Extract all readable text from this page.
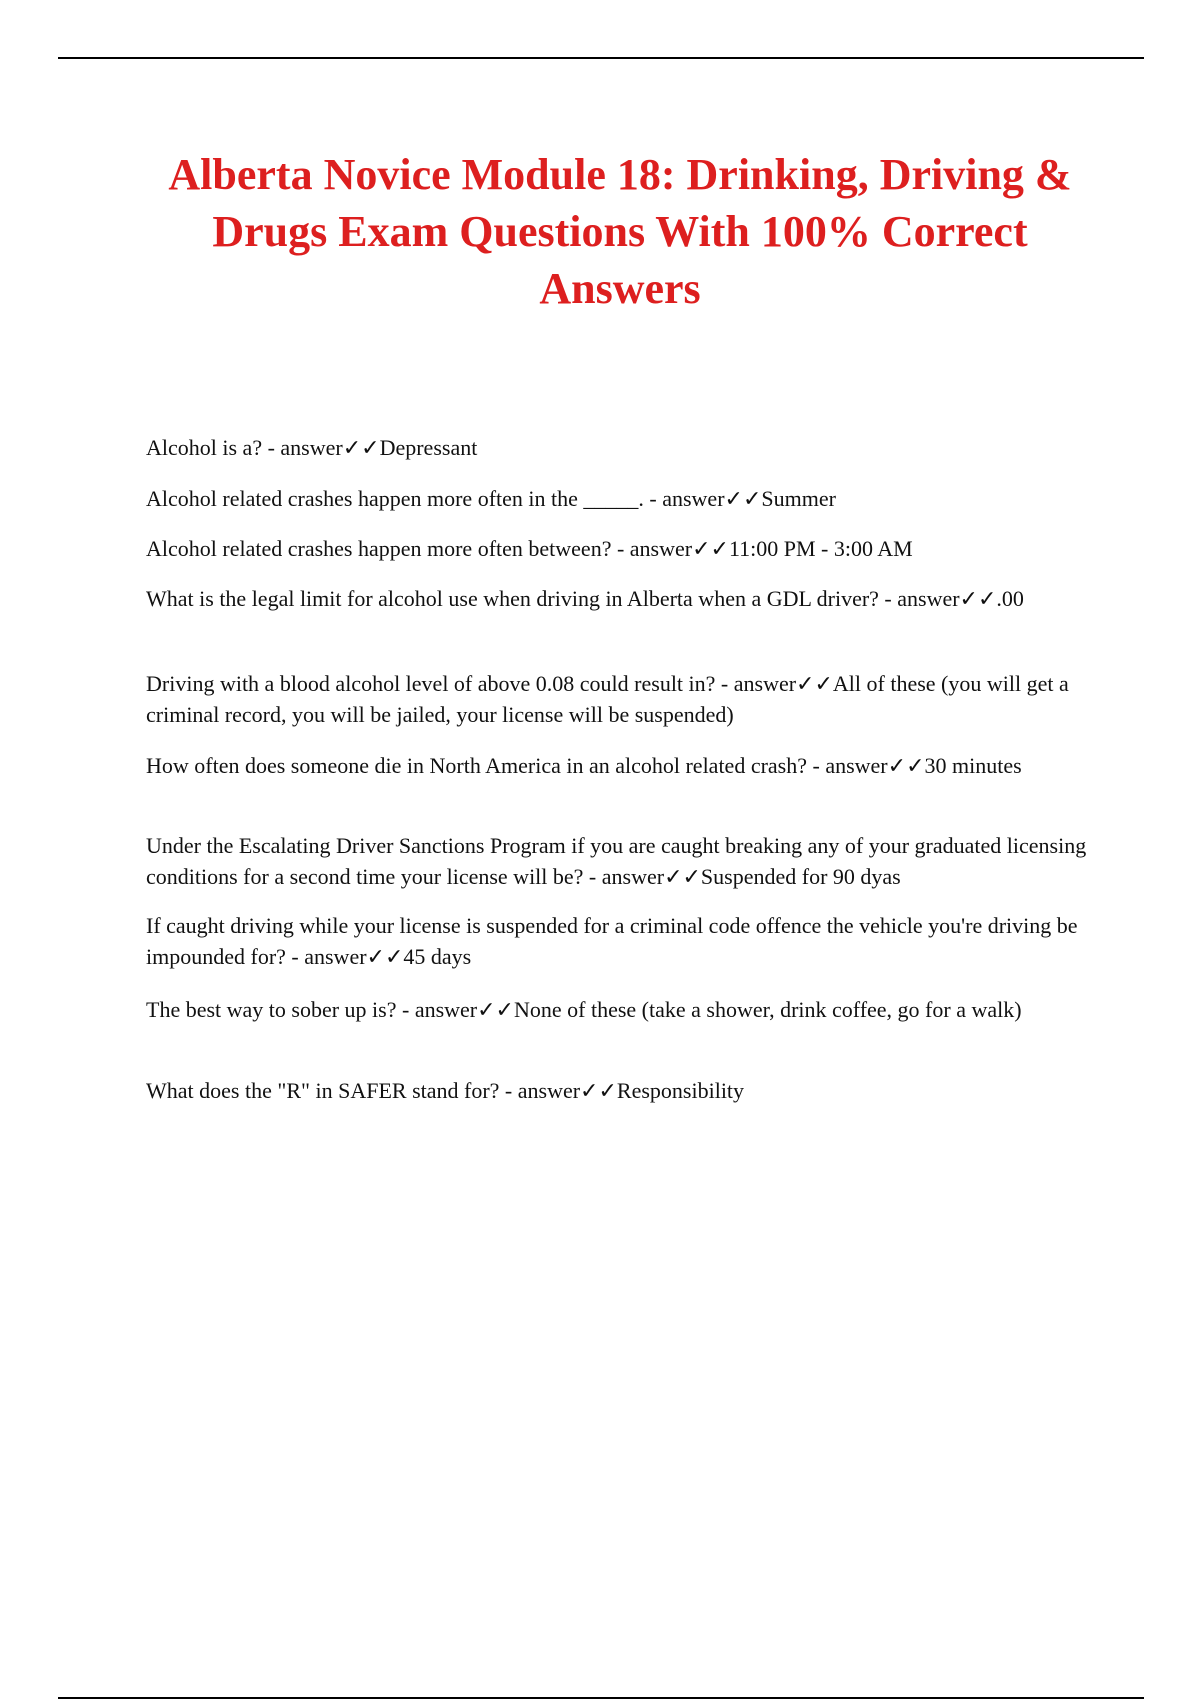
Alberta Novice Module 18: Drinking, Driving & Drugs Exam Questions With 100% Correct Answers
Alcohol is a? - answer✓✓Depressant
Alcohol related crashes happen more often in the _____. - answer✓✓Summer
Alcohol related crashes happen more often between? - answer✓✓11:00 PM - 3:00 AM
What is the legal limit for alcohol use when driving in Alberta when a GDL driver? - answer✓✓.00
Driving with a blood alcohol level of above 0.08 could result in? - answer✓✓All of these (you will get a criminal record, you will be jailed, your license will be suspended)
How often does someone die in North America in an alcohol related crash? - answer✓✓30 minutes
Under the Escalating Driver Sanctions Program if you are caught breaking any of your graduated licensing conditions for a second time your license will be? - answer✓✓Suspended for 90 dyas
If caught driving while your license is suspended for a criminal code offence the vehicle you're driving be impounded for? - answer✓✓45 days
The best way to sober up is? - answer✓✓None of these (take a shower, drink coffee, go for a walk)
What does the "R" in SAFER stand for? - answer✓✓Responsibility
